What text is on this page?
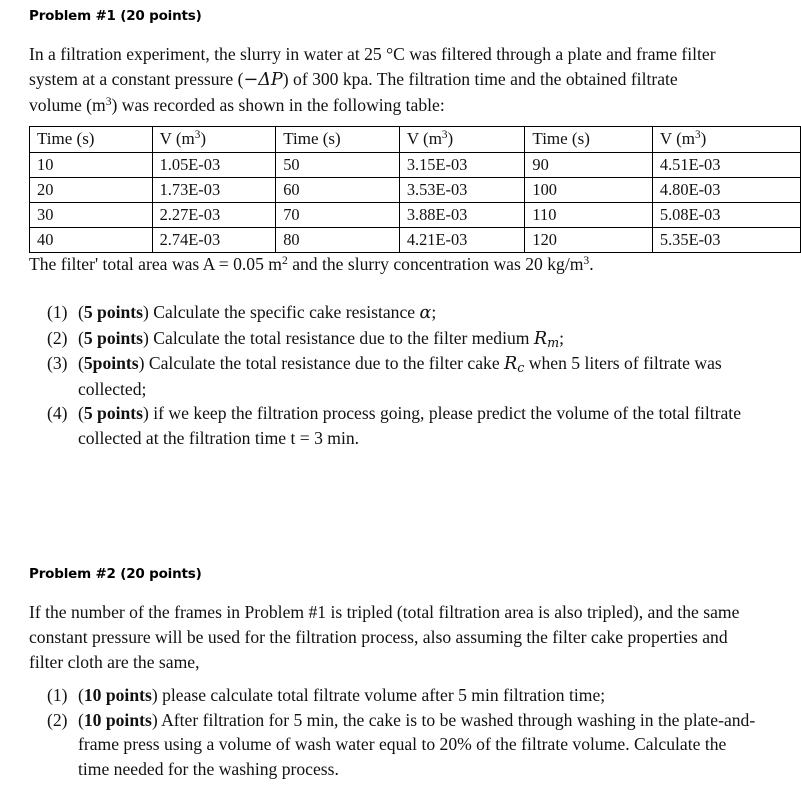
Problem #1 (20 points)
In a filtration experiment, the slurry in water at 25 °C was filtered through a plate and frame filter
system at a constant pressure (−ΔP) of 300 kpa. The filtration time and the obtained filtrate
volume $(m^3)$ was recorded as shown in the following table:
Time (s)	V $(m^3)$	Time (s)	V $(m^3)$	Time (s)	V $(m^3)$
10	1.05E-03	50	3.15E-03	90	4.51E-03
20	1.73E-03	60	3.53E-03	100	4.80E-03
30	2.27E-03	70	3.88E-03	110	5.08E-03
40	2.74E-03	80	4.21E-03	120	5.35E-03
The filter' total area was A = 0.05 $m^2$ and the slurry concentration was 20 $kg/m^3$.
(1) (5 points) Calculate the specific cake resistance α;
(2) (5 points) Calculate the total resistance due to the filter medium $R_m$;
(3) (5points) Calculate the total resistance due to the filter cake $R_c$ when 5 liters of filtrate was collected;
(4) (5 points) if we keep the filtration process going, please predict the volume of the total filtrate collected at the filtration time t = 3 min.
Problem #2 (20 points)
If the number of the frames in Problem #1 is tripled (total filtration area is also tripled), and the same constant pressure will be used for the filtration process, also assuming the filter cake properties and filter cloth are the same,
(1) (10 points) please calculate total filtrate volume after 5 min filtration time;
(2) (10 points) After filtration for 5 min, the cake is to be washed through washing in the plate-and-frame press using a volume of wash water equal to 20% of the filtrate volume. Calculate the time needed for the washing process.
